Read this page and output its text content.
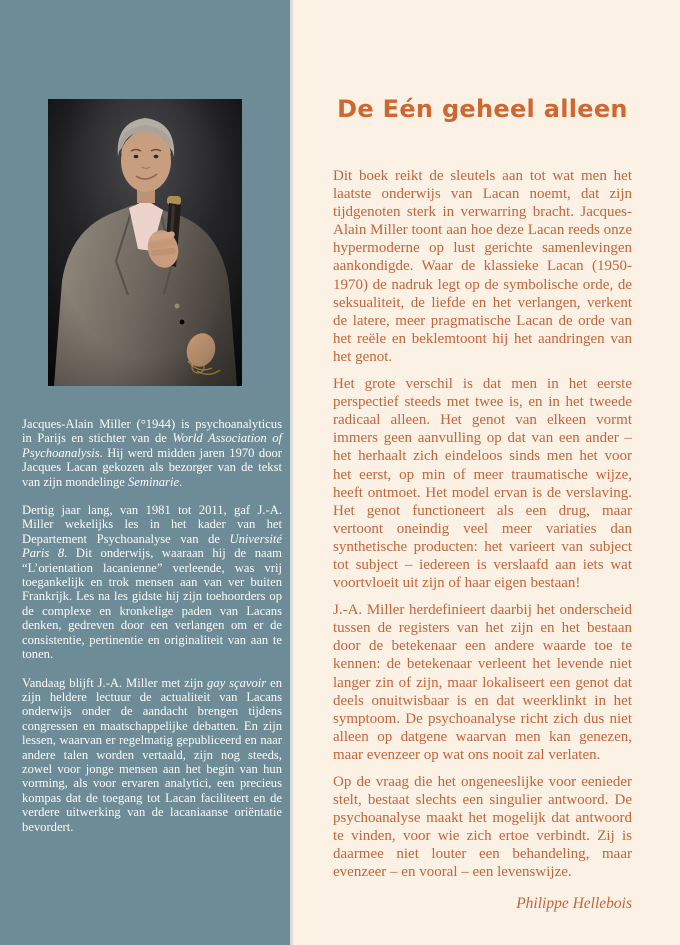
Jacques-Alain Miller (°1944) is psychoanalyticus in Parijs en stichter van de World Association of Psychoanalysis. Hij werd midden jaren 1970 door Jacques Lacan gekozen als bezorger van de tekst van zijn mondelinge Seminarie.

Dertig jaar lang, van 1981 tot 2011, gaf J.-A. Miller wekelijks les in het kader van het Departement Psychoanalyse van de Université Paris 8. Dit onderwijs, waaraan hij de naam “L’orientation lacanienne” verleende, was vrij toegankelijk en trok mensen aan van ver buiten Frankrijk. Les na les gidste hij zijn toehoorders op de complexe en kronkelige paden van Lacans denken, gedreven door een verlangen om er de consistentie, pertinentie en originaliteit van aan te tonen.

Vandaag blijft J.-A. Miller met zijn gay sçavoir en zijn heldere lectuur de actualiteit van Lacans onderwijs onder de aandacht brengen tijdens congressen en maatschappelijke debatten. En zijn lessen, waarvan er regelmatig gepubliceerd en naar andere talen worden vertaald, zijn nog steeds, zowel voor jonge mensen aan het begin van hun vorming, als voor ervaren analytici, een precieus kompas dat de toegang tot Lacan faciliteert en de verdere uitwerking van de lacaniaanse oriëntatie bevordert.

De Eén geheel alleen

Dit boek reikt de sleutels aan tot wat men het laatste onderwijs van Lacan noemt, dat zijn tijdgenoten sterk in verwarring bracht. Jacques-Alain Miller toont aan hoe deze Lacan reeds onze hypermoderne op lust gerichte samenlevingen aankondigde. Waar de klassieke Lacan (1950-1970) de nadruk legt op de symbolische orde, de seksualiteit, de liefde en het verlangen, verkent de latere, meer pragmatische Lacan de orde van het reële en beklemtoont hij het aandringen van het genot.

Het grote verschil is dat men in het eerste perspectief steeds met twee is, en in het tweede radicaal alleen. Het genot van elkeen vormt immers geen aanvulling op dat van een ander – het herhaalt zich eindeloos sinds men het voor het eerst, op min of meer traumatische wijze, heeft ontmoet. Het model ervan is de verslaving. Het genot functioneert als een drug, maar vertoont oneindig veel meer variaties dan synthetische producten: het varieert van subject tot subject – iedereen is verslaafd aan iets wat voortvloeit uit zijn of haar eigen bestaan!

J.-A. Miller herdefinieert daarbij het onderscheid tussen de registers van het zijn en het bestaan door de betekenaar een andere waarde toe te kennen: de betekenaar verleent het levende niet langer zin of zijn, maar lokaliseert een genot dat deels onuitwisbaar is en dat weerklinkt in het symptoom. De psychoanalyse richt zich dus niet alleen op datgene waarvan men kan genezen, maar evenzeer op wat ons nooit zal verlaten.

Op de vraag die het ongeneeslijke voor eenieder stelt, bestaat slechts een singulier antwoord. De psychoanalyse maakt het mogelijk dat antwoord te vinden, voor wie zich ertoe verbindt. Zij is daarmee niet louter een behandeling, maar evenzeer – en vooral – een levenswijze.

Philippe Hellebois
